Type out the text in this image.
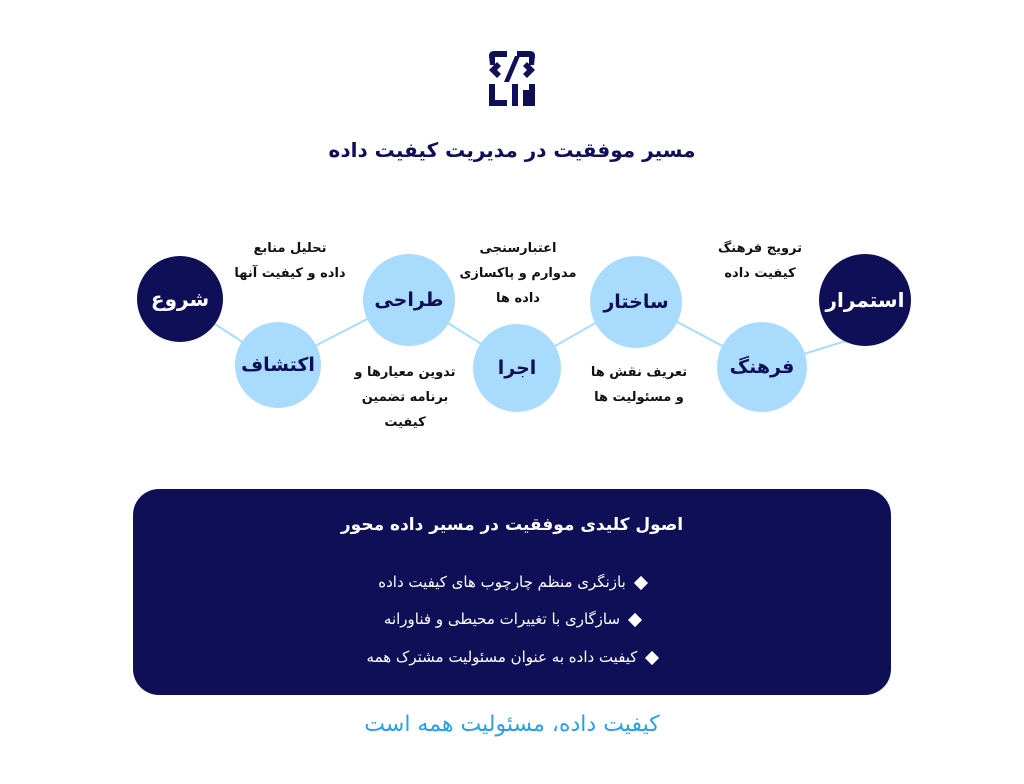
مسیر موفقیت در مدیریت کیفیت داده
شروع
اکتشاف
طراحی
اجرا
ساختار
فرهنگ
استمرار
تحلیل منابع
داده و کیفیت آنها
تدوین معیارها و
برنامه تضمین
کیفیت
اعتبارسنجی
مدوارم و پاکسازی
داده ها
تعریف نقش ها
و مسئولیت ها
ترویج فرهنگ
کیفیت داده
اصول کلیدی موفقیت در مسیر داده محور
بازنگری منظم چارچوب های کیفیت داده
سازگاری با تغییرات محیطی و فناورانه
کیفیت داده به عنوان مسئولیت مشترک همه
کیفیت داده، مسئولیت همه است
